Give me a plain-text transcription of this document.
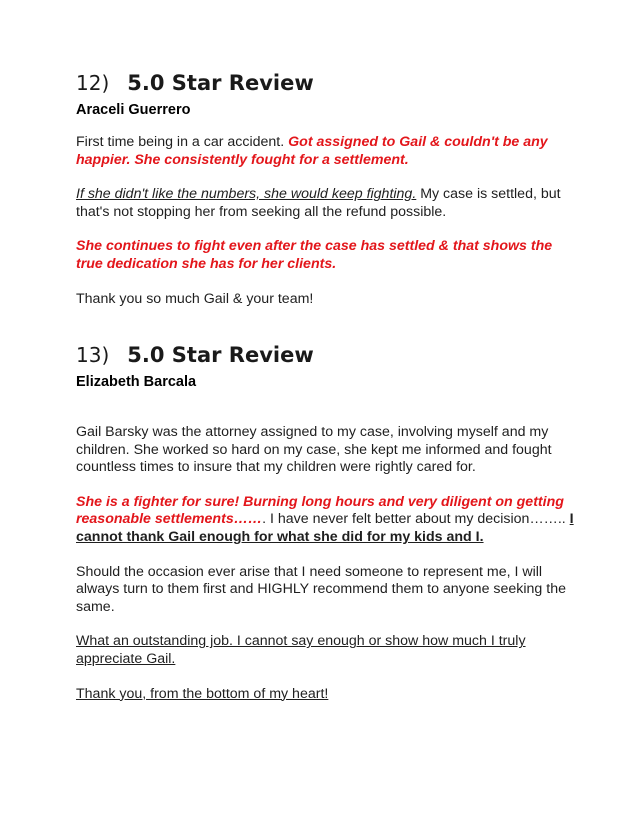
12) 5.0 Star Review
Araceli Guerrero

First time being in a car accident. Got assigned to Gail & couldn't be any happier. She consistently fought for a settlement.

If she didn't like the numbers, she would keep fighting. My case is settled, but that's not stopping her from seeking all the refund possible.

She continues to fight even after the case has settled & that shows the true dedication she has for her clients.

Thank you so much Gail & your team!

13) 5.0 Star Review
Elizabeth Barcala

Gail Barsky was the attorney assigned to my case, involving myself and my children. She worked so hard on my case, she kept me informed and fought countless times to insure that my children were rightly cared for.

She is a fighter for sure! Burning long hours and very diligent on getting reasonable settlements……. I have never felt better about my decision…….. I cannot thank Gail enough for what she did for my kids and I.

Should the occasion ever arise that I need someone to represent me, I will always turn to them first and HIGHLY recommend them to anyone seeking the same.

What an outstanding job. I cannot say enough or show how much I truly appreciate Gail.

Thank you, from the bottom of my heart!
